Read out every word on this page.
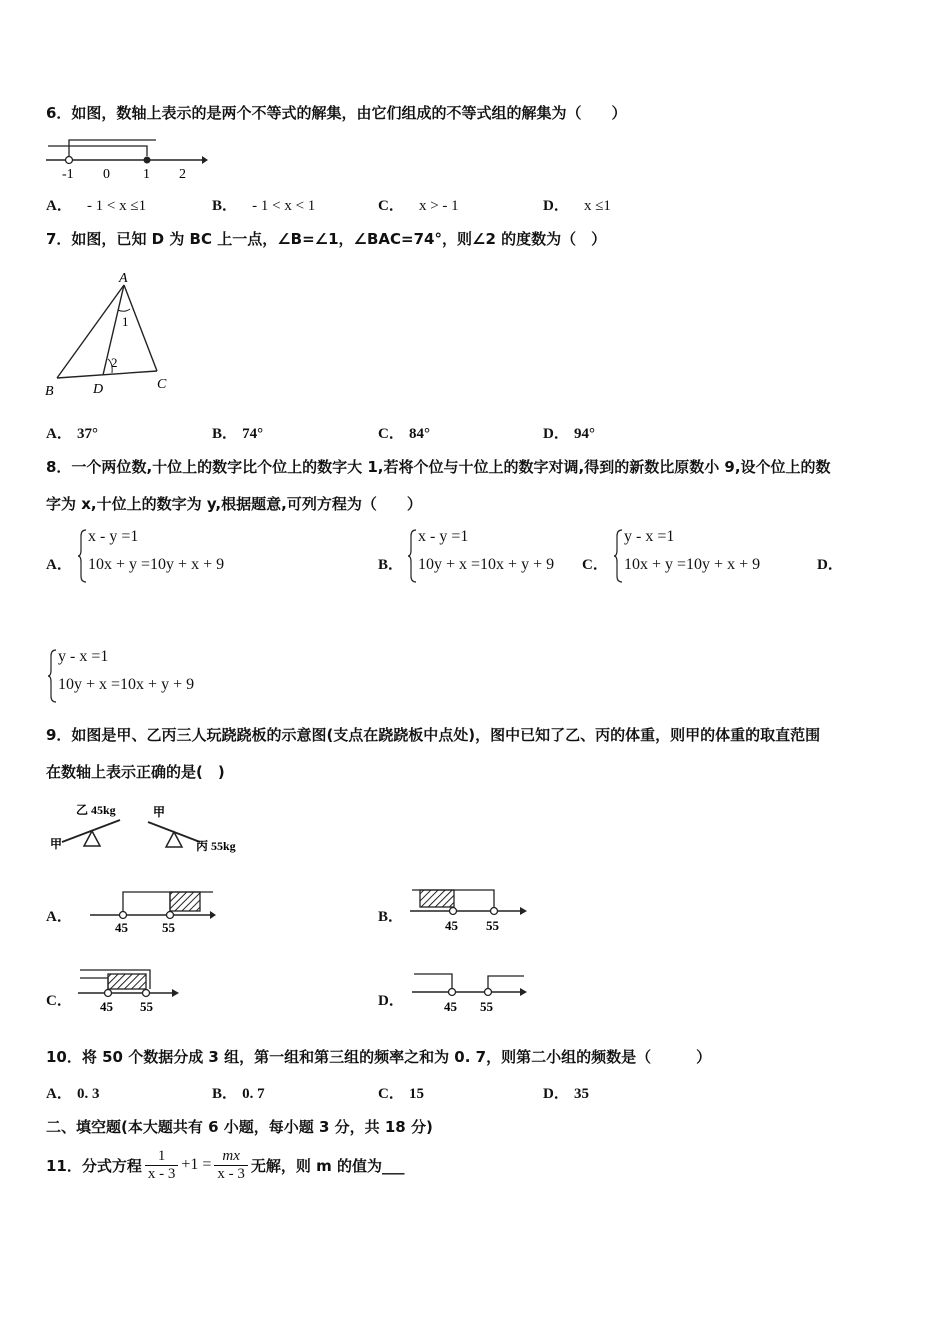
6．如图，数轴上表示的是两个不等式的解集，由它们组成的不等式组的解集为（　　）
-1 0 1 2
A． - 1 < x ≤1	B． - 1 < x < 1	C． x > - 1	D． x ≤1
7．如图，已知 D 为 BC 上一点，∠B=∠1，∠BAC=74°，则∠2 的度数为（　）
A
B	C
D
1
2
A． 37°	B． 74°	C． 84°	D． 94°
8．一个两位数,十位上的数字比个位上的数字大 1,若将个位与十位上的数字对调,得到的新数比原数小 9,设个位上的数
字为 x,十位上的数字为 y,根据题意,可列方程为（　　）
A．
x - y =1
10x + y =10y + x + 9	B．
x - y =1
10y + x =10x + y + 9 C．
y - x =1
10x + y =10y + x + 9	D．
y - x =1
10y + x =10x + y + 9
9．如图是甲、乙丙三人玩跷跷板的示意图(支点在跷跷板中点处)，图中已知了乙、丙的体重，则甲的体重的取直范围
在数轴上表示正确的是(　)
甲
乙 45kg	甲
丙 55kg
A．
45	55
B．
45 55
C． 45 55	D．	45 55
10．将 50 个数据分成 3 组，第一组和第三组的频率之和为 0. 7，则第二小组的频数是（　　　）
A． 0. 3	B． 0. 7	C． 15	D． 35
二、填空题(本大题共有 6 小题，每小题 3 分，共 18 分)
11．分式方程 $\frac{1}{x - 3} +1 = \frac{mx}{x - 3}$ 无解，则 m 的值为___
